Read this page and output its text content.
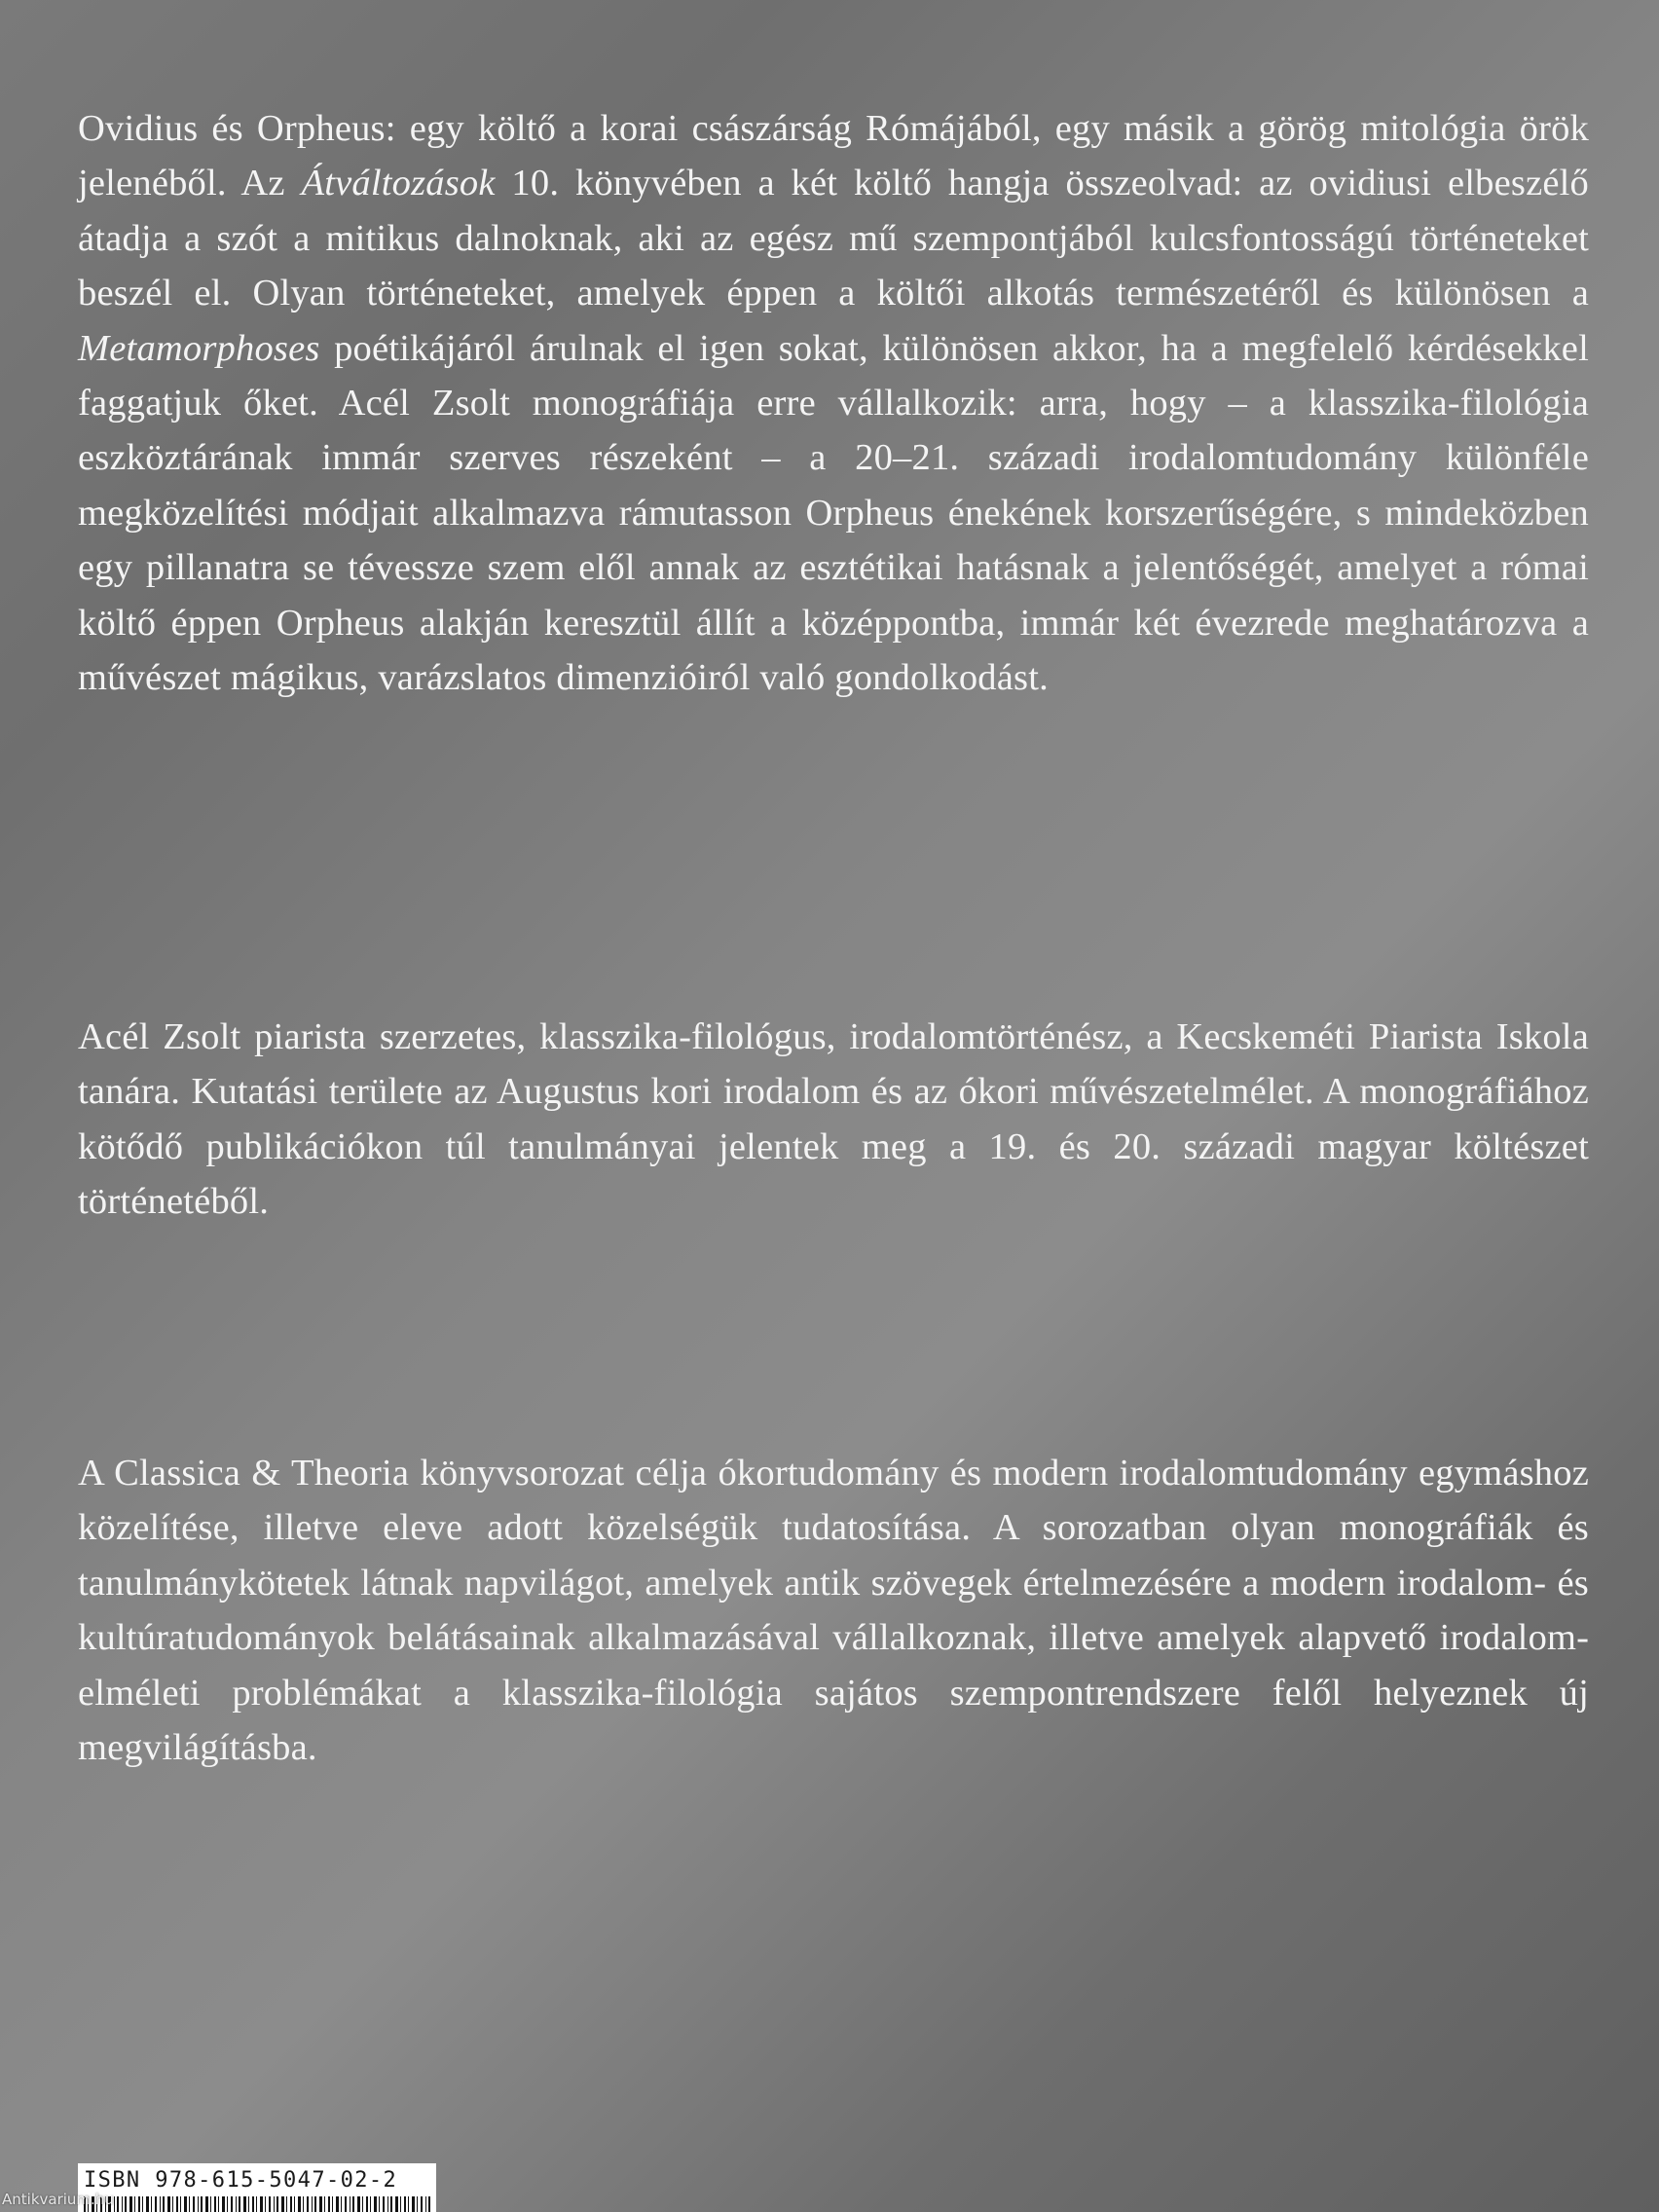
Ovidius és Orpheus: egy költő a korai császárság Rómájából, egy másik a görög mitológia örök jelenéből. Az Átváltozások 10. könyvében a két költő hangja összeolvad: az ovidiusi elbeszélő átadja a szót a mitikus dalnoknak, aki az egész mű szempontjából kulcsfontosságú történeteket beszél el. Olyan történeteket, amelyek éppen a költői alkotás természetéről és különösen a Metamorphoses poétikájáról árulnak el igen sokat, különösen akkor, ha a megfelelő kérdésekkel faggatjuk őket. Acél Zsolt monográfiája erre vállalkozik: arra, hogy – a klasszika-filológia eszköztárának immár szerves részeként – a 20–21. századi irodalomtudomány különféle megközelítési módjait alkalmazva rámutasson Orpheus énekének korszerűségére, s mindeközben egy pillanatra se tévessze szem elől annak az esztétikai hatásnak a jelentőségét, amelyet a római költő éppen Orpheus alakján keresztül állít a középpontba, immár két évezrede meghatározva a művészet mágikus, varázslatos dimenzióiról való gondolkodást.

Acél Zsolt piarista szerzetes, klasszika-filológus, irodalomtörténész, a Kecskeméti Piarista Iskola tanára. Kutatási területe az Augustus kori irodalom és az ókori művészetelmélet. A monográfiához kötődő publikációkon túl tanulmányai jelentek meg a 19. és 20. századi magyar költészet történetéből.

A Classica & Theoria könyvsorozat célja ókortudomány és modern irodalomtudomány egymáshoz közelítése, illetve eleve adott közelségük tudatosítása. A sorozatban olyan monográfiák és tanulmánykötetek látnak napvilágot, amelyek antik szövegek értelmezésére a modern irodalom- és kultúratudományok belátásainak alkalmazásával vállalkoznak, illetve amelyek alapvető irodalomelméleti problémákat a klasszika-filológia sajátos szempontrendszere felől helyeznek új megvilágításba.

ISBN 978-615-5047-02-2
Antikvarium.hu
